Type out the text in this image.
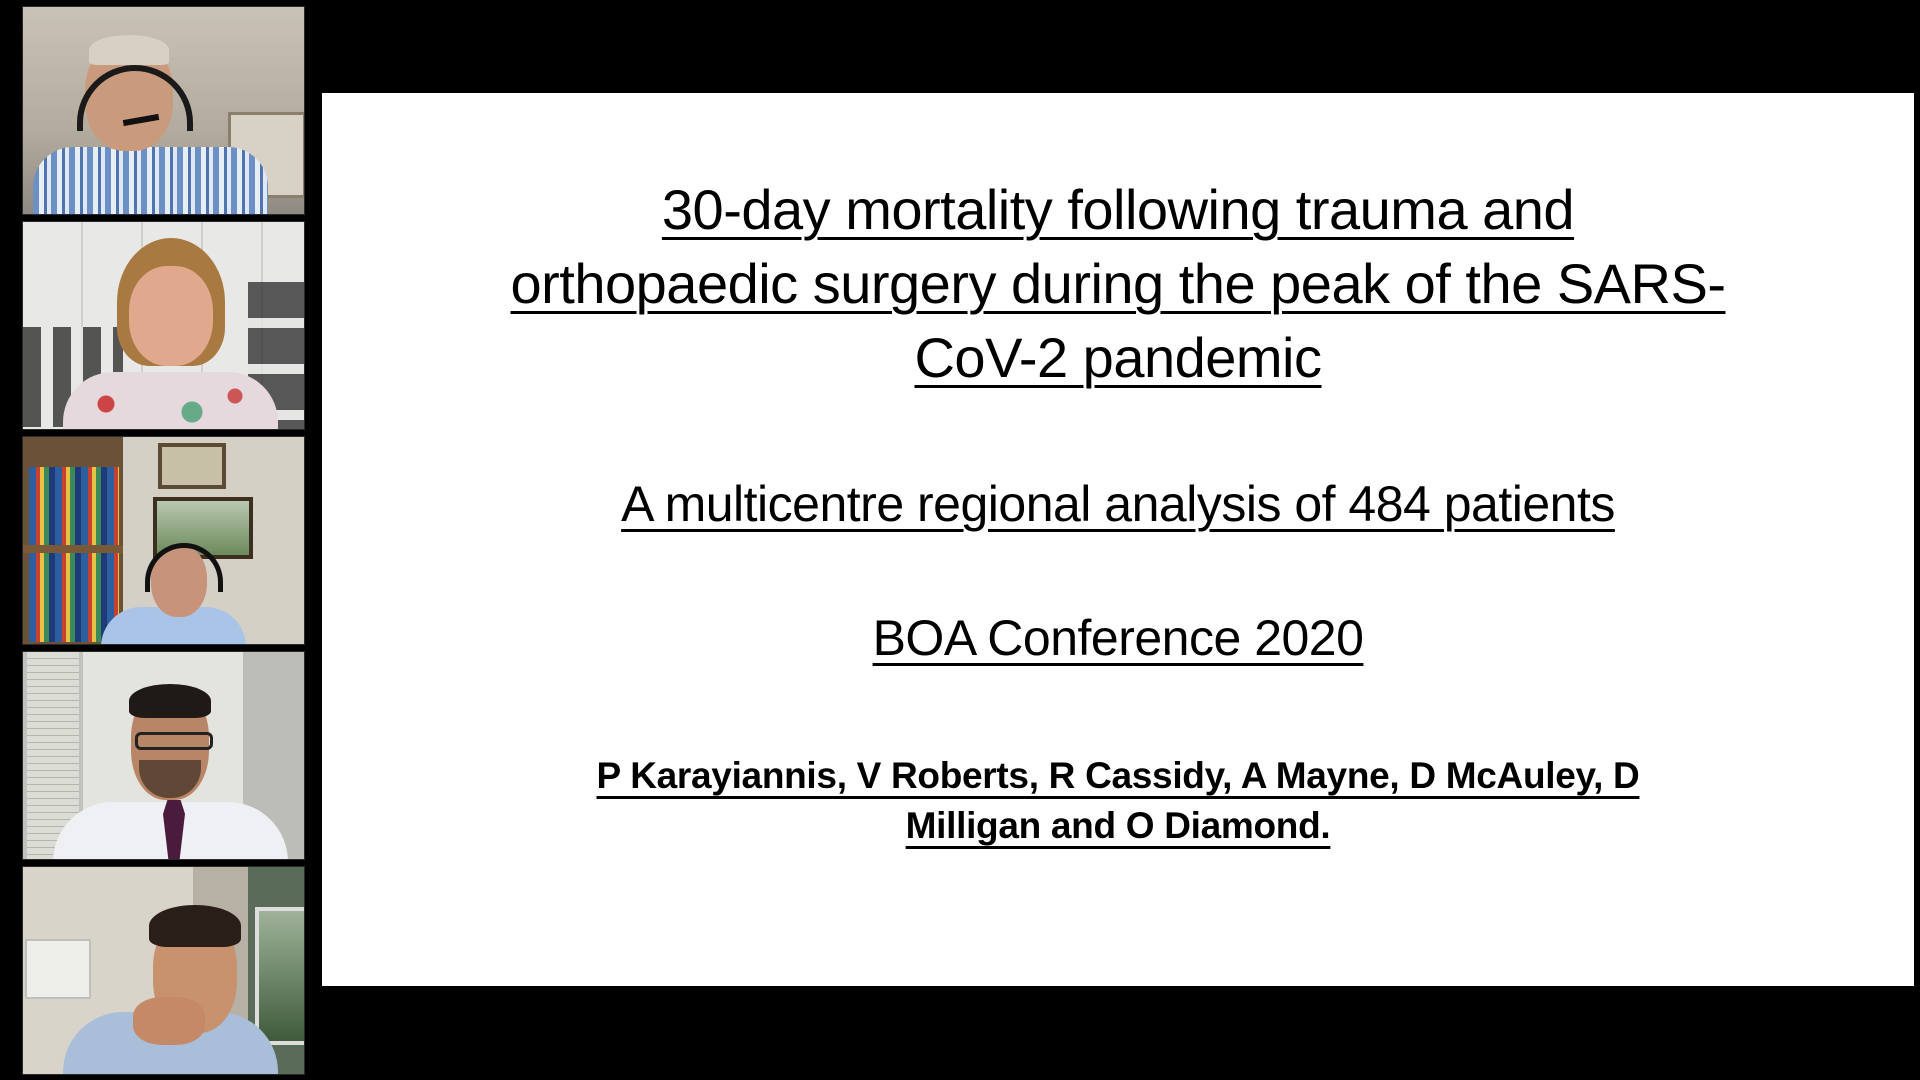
30-day mortality following trauma and
orthopaedic surgery during the peak of the SARS-
CoV-2 pandemic
A multicentre regional analysis of 484 patients
BOA Conference 2020
P Karayiannis, V Roberts, R Cassidy, A Mayne, D McAuley, D
Milligan and O Diamond.
